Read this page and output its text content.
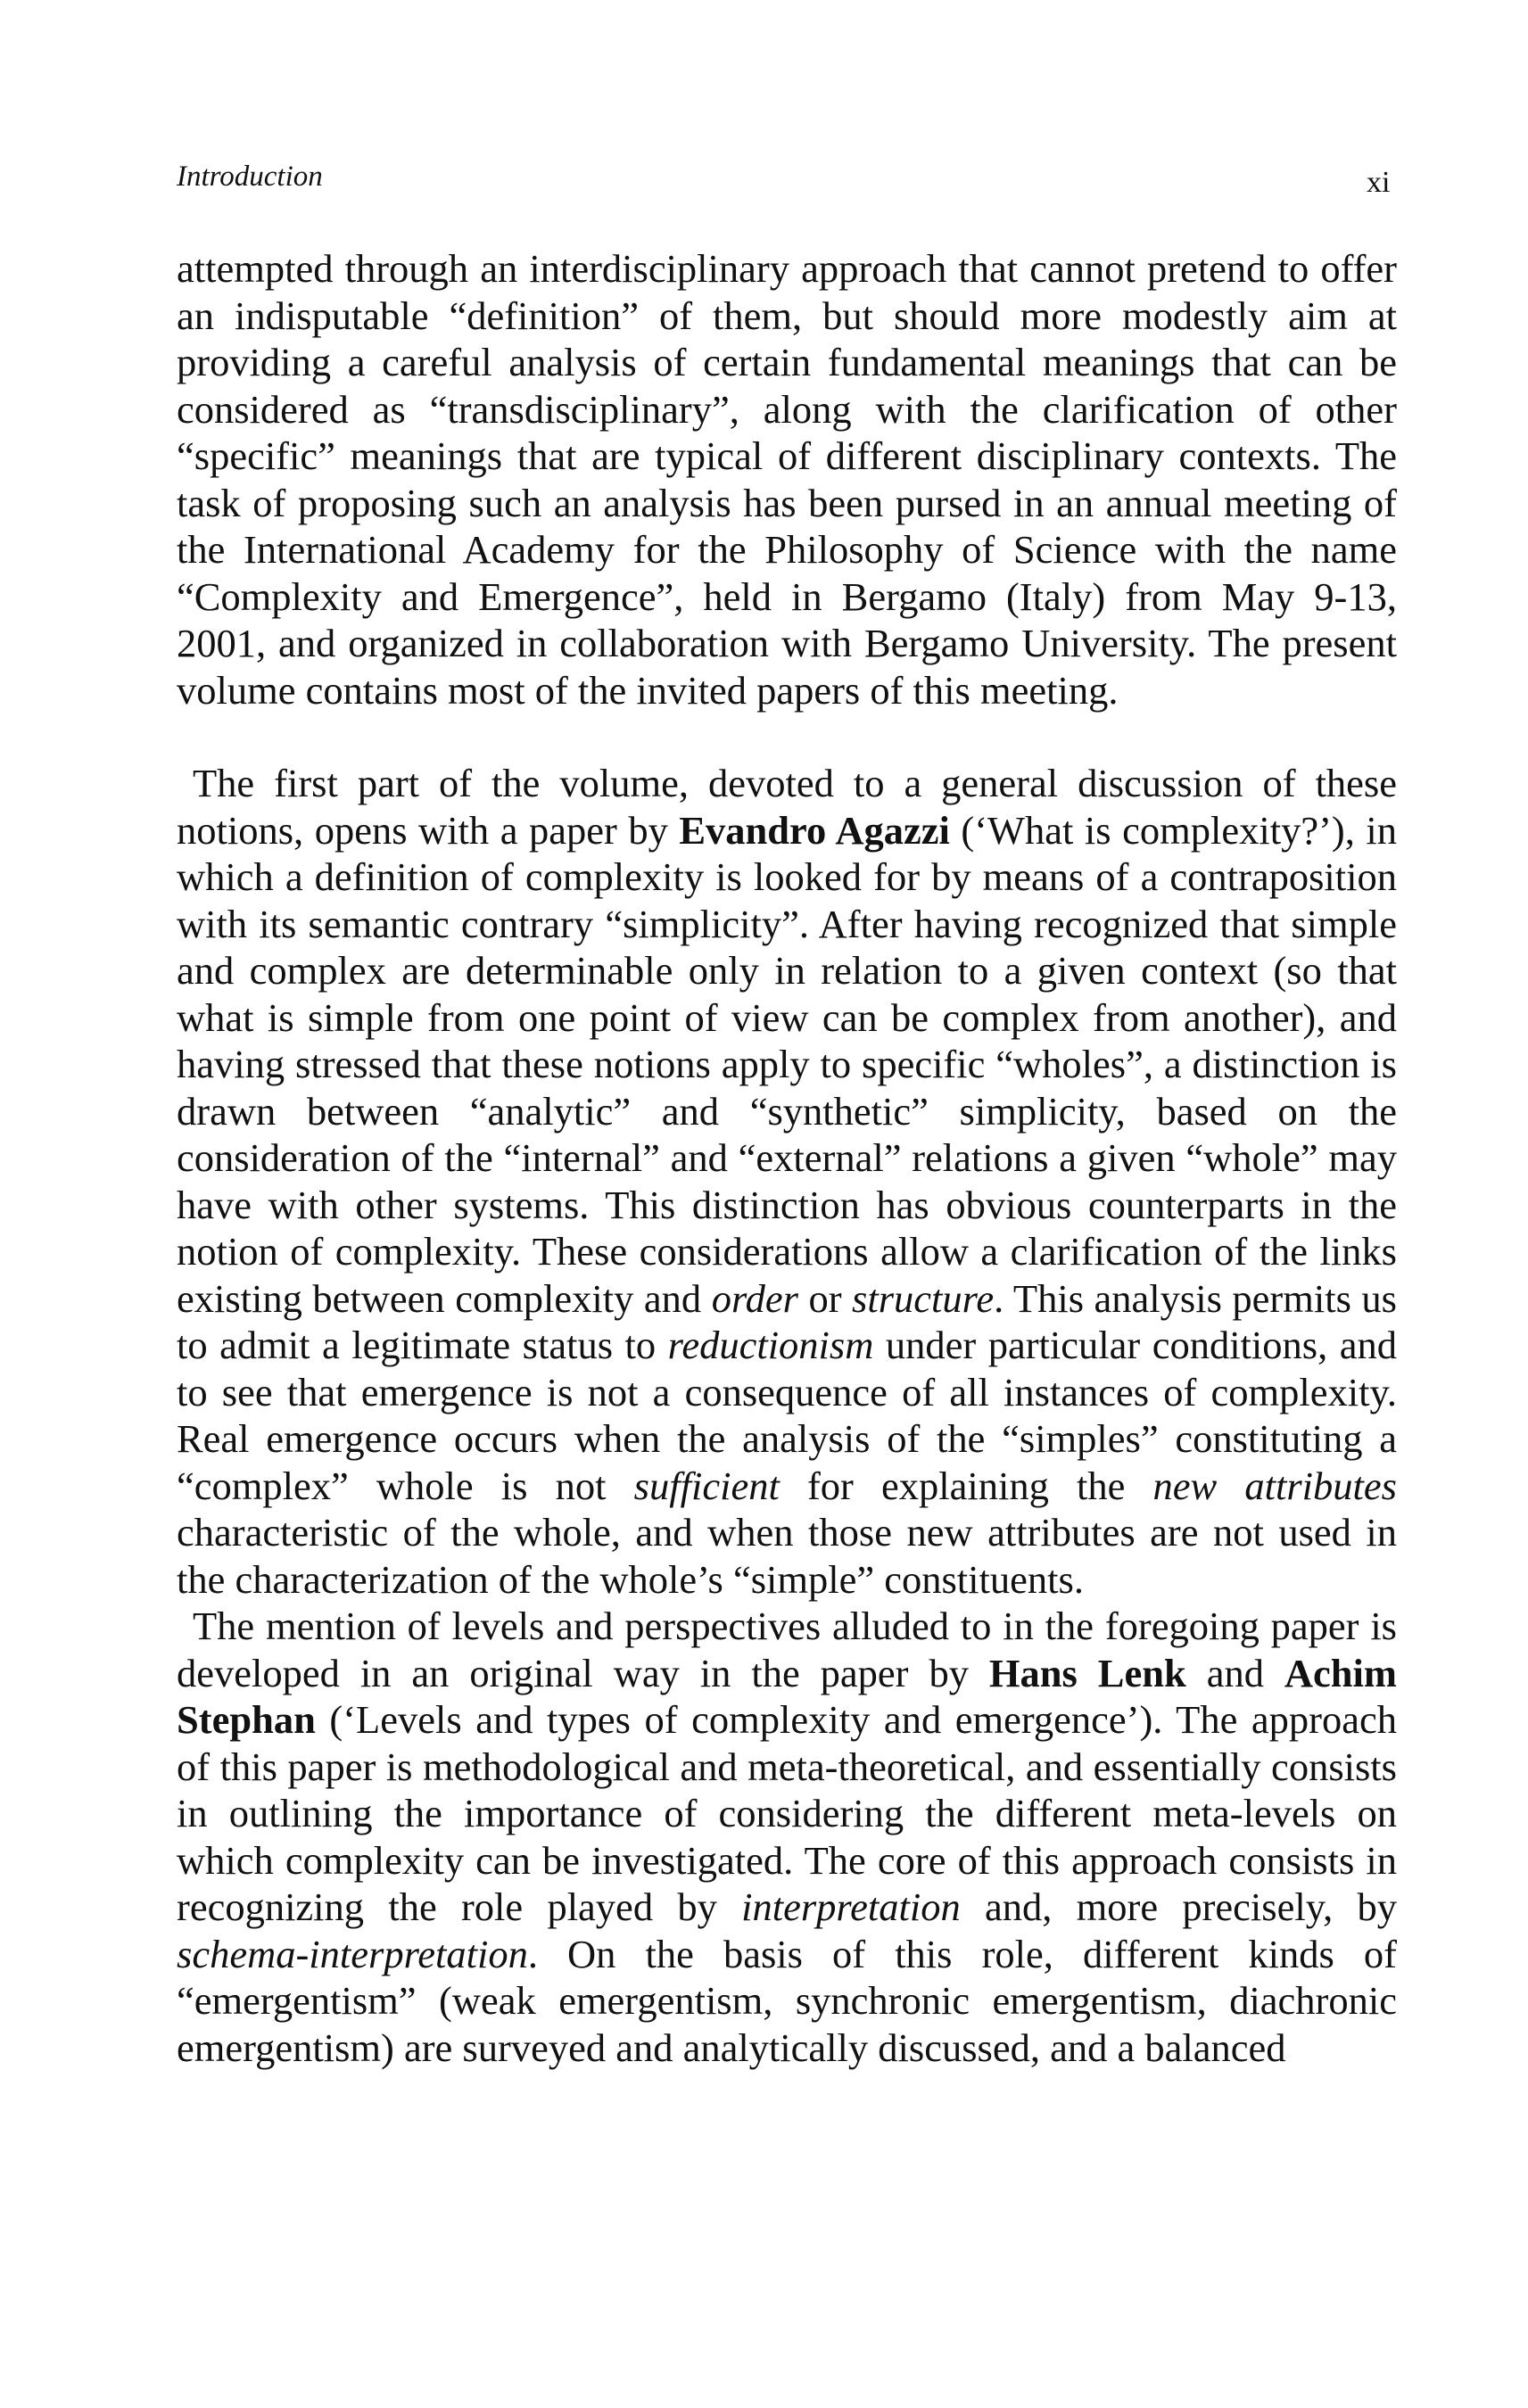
Introduction	xi

attempted through an interdisciplinary approach that cannot pretend to offer an indisputable “definition” of them, but should more modestly aim at providing a careful analysis of certain fundamental meanings that can be considered as “transdisciplinary”, along with the clarification of other “specific” meanings that are typical of different disciplinary contexts. The task of proposing such an analysis has been pursed in an annual meeting of the International Academy for the Philosophy of Science with the name “Complexity and Emergence”, held in Bergamo (Italy) from May 9-13, 2001, and organized in collaboration with Bergamo University. The present volume contains most of the invited papers of this meeting.

The first part of the volume, devoted to a general discussion of these notions, opens with a paper by Evandro Agazzi (‘What is complexity?’), in which a definition of complexity is looked for by means of a contraposition with its semantic contrary “simplicity”. After having recognized that simple and complex are determinable only in relation to a given context (so that what is simple from one point of view can be complex from another), and having stressed that these notions apply to specific “wholes”, a distinction is drawn between “analytic” and “synthetic” simplicity, based on the consideration of the “internal” and “external” relations a given “whole” may have with other systems. This distinction has obvious counterparts in the notion of complexity. These considerations allow a clarification of the links existing between complexity and order or structure. This analysis permits us to admit a legitimate status to reductionism under particular conditions, and to see that emergence is not a consequence of all instances of complexity. Real emergence occurs when the analysis of the “simples” constituting a “complex” whole is not sufficient for explaining the new attributes characteristic of the whole, and when those new attributes are not used in the characterization of the whole’s “simple” constituents.

The mention of levels and perspectives alluded to in the foregoing paper is developed in an original way in the paper by Hans Lenk and Achim Stephan (‘Levels and types of complexity and emergence’). The approach of this paper is methodological and meta-theoretical, and essentially consists in outlining the importance of considering the different meta-levels on which complexity can be investigated. The core of this approach consists in recognizing the role played by interpretation and, more precisely, by schema-interpretation. On the basis of this role, different kinds of “emergentism” (weak emergentism, synchronic emergentism, diachronic emergentism) are surveyed and analytically discussed, and a balanced
